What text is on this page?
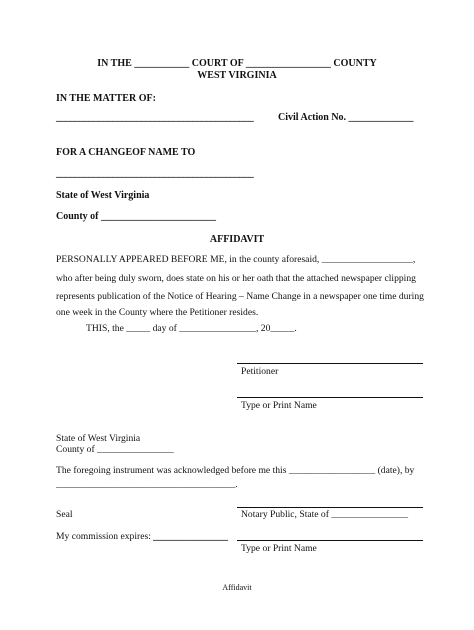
IN THE ___________ COURT OF _________________ COUNTY
WEST VIRGINIA
IN THE MATTER OF:
__________________________________________ Civil Action No. _____________
FOR A CHANGEOF NAME TO
__________________________________________
State of West Virginia
County of _______________________
AFFIDAVIT
PERSONALLY APPEARED BEFORE ME, in the county aforesaid, ___________________,
who after being duly sworn, does state on his or her oath that the attached newspaper clipping
represents publication of the Notice of Hearing – Name Change in a newspaper one time during
one week in the County where the Petitioner resides.
THIS, the _____ day of ________________, 20_____.
Petitioner
Type or Print Name
State of West Virginia
County of ________________
The foregoing instrument was acknowledged before me this __________________ (date), by
_______________________________________.
Seal	Notary Public, State of ________________
My commission expires: _______________
Type or Print Name
Affidavit
